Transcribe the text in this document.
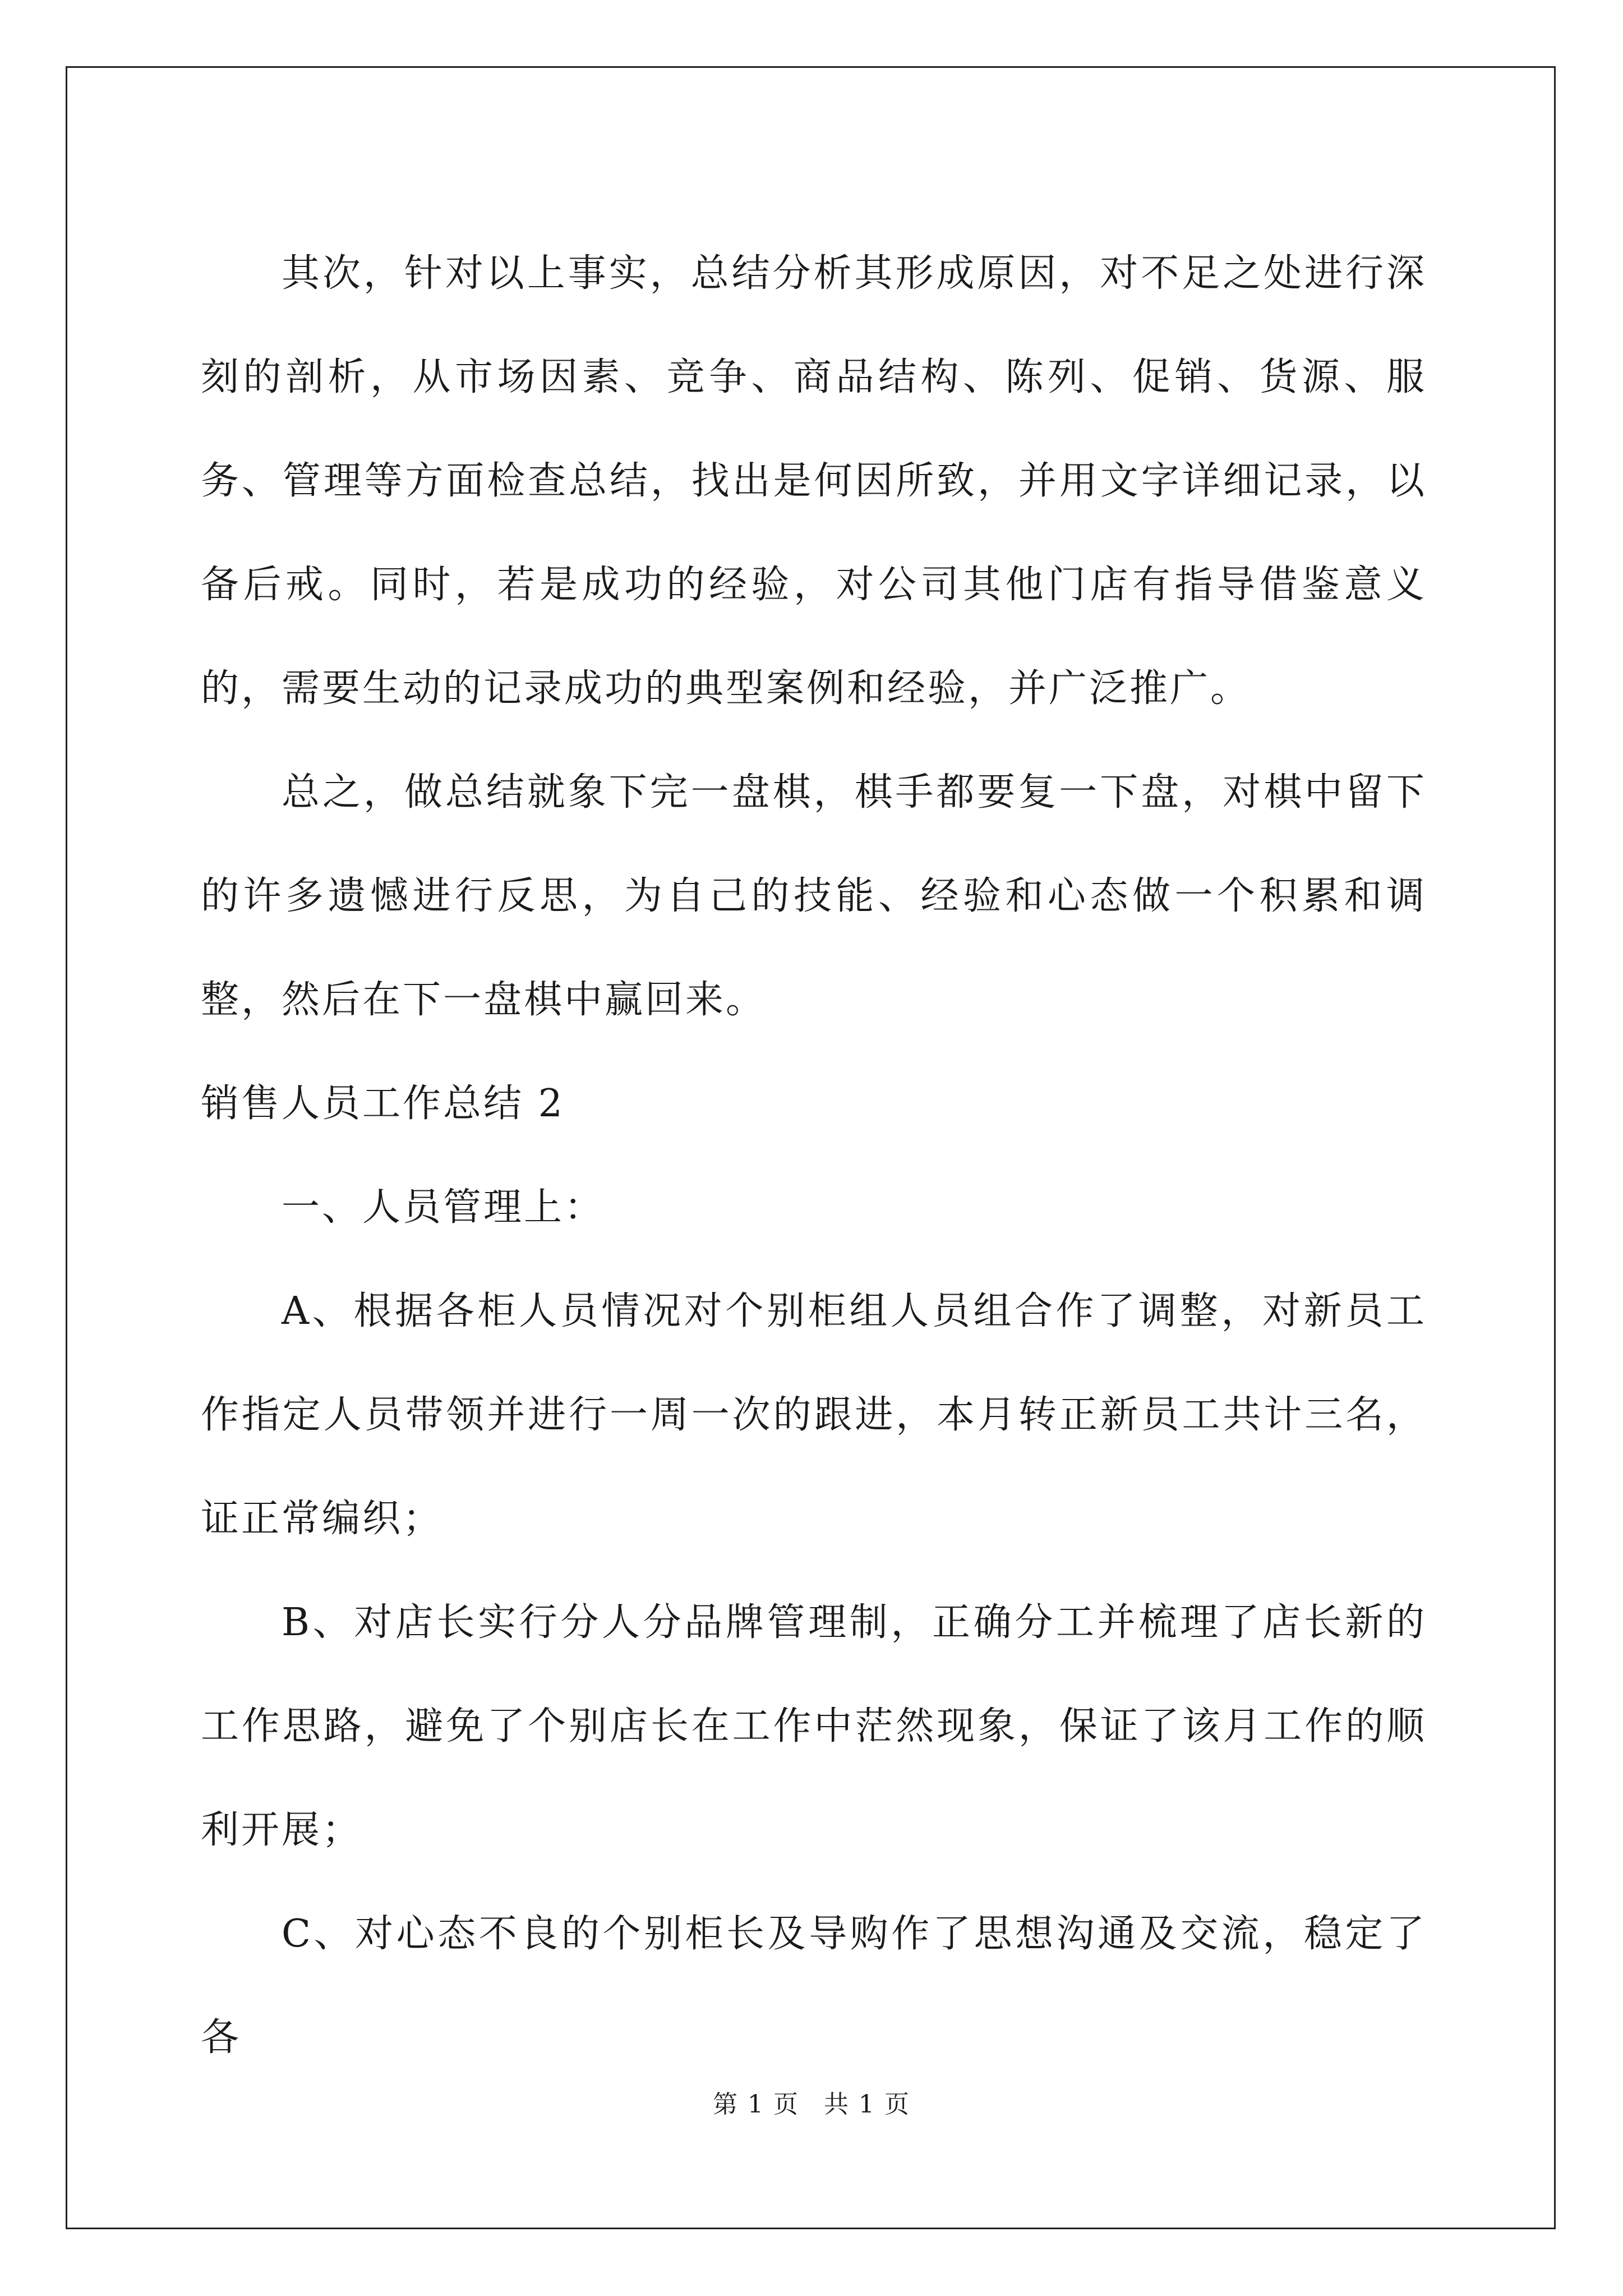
其次，针对以上事实，总结分析其形成原因，对不足之处进行深刻的剖析，从市场因素、竞争、商品结构、陈列、促销、货源、服务、管理等方面检查总结，找出是何因所致，并用文字详细记录，以备后戒。同时，若是成功的经验，对公司其他门店有指导借鉴意义的，需要生动的记录成功的典型案例和经验，并广泛推广。

总之，做总结就象下完一盘棋，棋手都要复一下盘，对棋中留下的许多遗憾进行反思，为自己的技能、经验和心态做一个积累和调整，然后在下一盘棋中赢回来。

销售人员工作总结 2

一、人员管理上：

A、根据各柜人员情况对个别柜组人员组合作了调整，对新员工作指定人员带领并进行一周一次的跟进，本月转正新员工共计三名，证正常编织；

B、对店长实行分人分品牌管理制，正确分工并梳理了店长新的工作思路，避免了个别店长在工作中茫然现象，保证了该月工作的顺利开展；

C、对心态不良的个别柜长及导购作了思想沟通及交流，稳定了各

第 1 页 共 1 页
